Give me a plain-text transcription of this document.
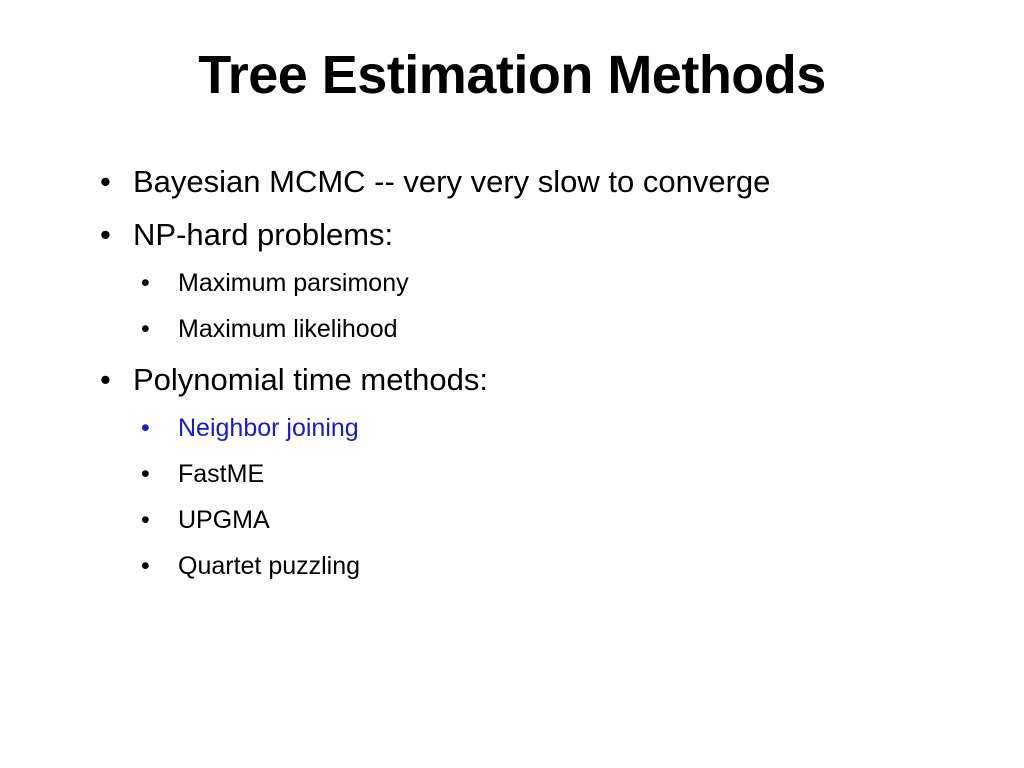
Tree Estimation Methods
• Bayesian MCMC -- very very slow to converge
• NP-hard problems:
• Maximum parsimony
• Maximum likelihood
• Polynomial time methods:
• Neighbor joining
• FastME
• UPGMA
• Quartet puzzling
